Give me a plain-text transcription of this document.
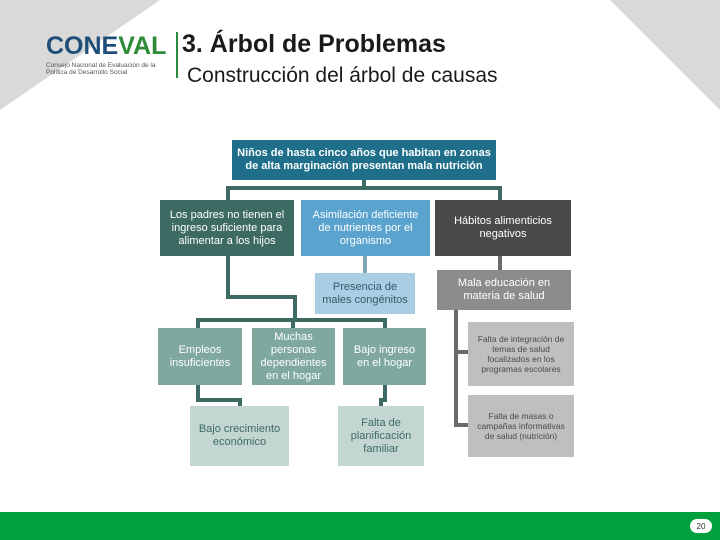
CONEVAL
Consejo Nacional de Evaluación de la Política de Desarrollo Social
3. Árbol de Problemas
Construcción del árbol de causas
Niños de hasta cinco años que habitan en zonas de alta marginación presentan mala nutrición
Los padres no tienen el ingreso suficiente para alimentar a los hijos
Asimilación deficiente de nutrientes por el organismo
Hábitos alimenticios negativos
Presencia de males congénitos
Mala educación en materia de salud
Empleos insuficientes
Muchas personas dependientes en el hogar
Bajo ingreso en el hogar
Bajo crecimiento económico
Falta de planificación familiar
Falta de integración de temas de salud focalizados en los programas escolares
Falta de masas o campañas informativas de salud (nutrición)
20
